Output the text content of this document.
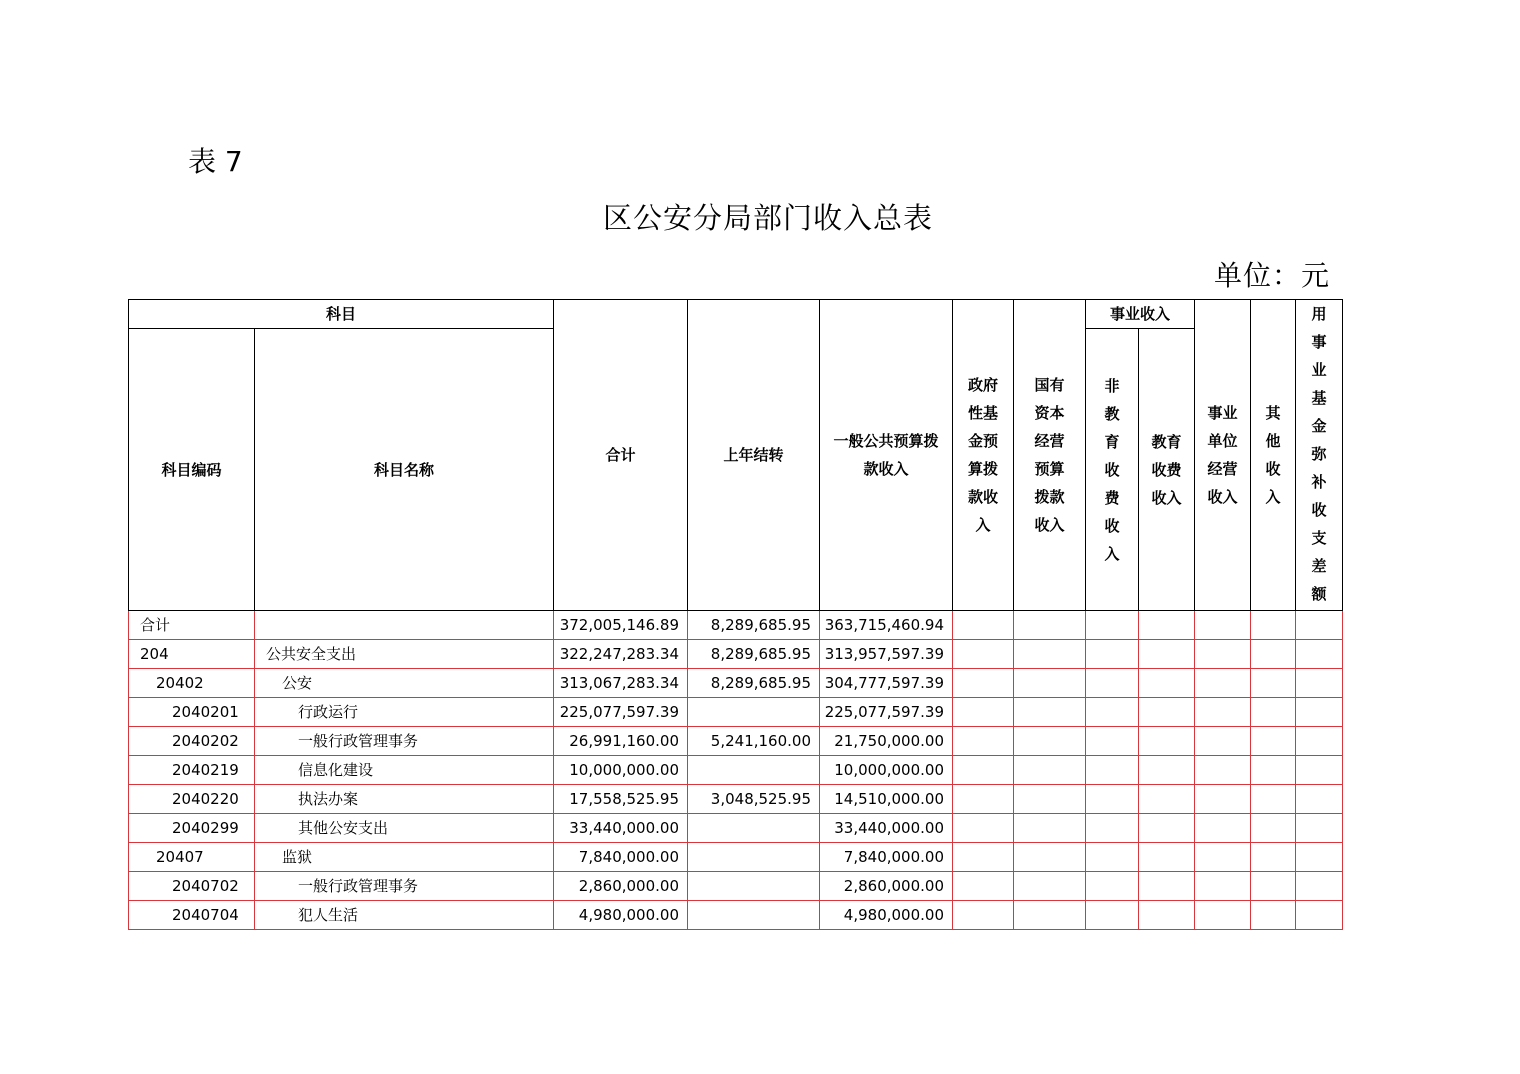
表 7
区公安分局部门收入总表
单位：元
科目		合计	上年结转	一般公共预算拨款收入	政府性基金预算拨款收入	国有资本经营预算拨款收入	事业收入		事业单位经营收入	其他收入	用事业基金弥补收支差额
科目编码	科目名称						非教育收费收入	教育收费收入			
合计		372,005,146.89	8,289,685.95	363,715,460.94							
204	公共安全支出	322,247,283.34	8,289,685.95	313,957,597.39							
20402	公安	313,067,283.34	8,289,685.95	304,777,597.39							
2040201	行政运行	225,077,597.39		225,077,597.39							
2040202	一般行政管理事务	26,991,160.00	5,241,160.00	21,750,000.00							
2040219	信息化建设	10,000,000.00		10,000,000.00							
2040220	执法办案	17,558,525.95	3,048,525.95	14,510,000.00							
2040299	其他公安支出	33,440,000.00		33,440,000.00							
20407	监狱	7,840,000.00		7,840,000.00							
2040702	一般行政管理事务	2,860,000.00		2,860,000.00							
2040704	犯人生活	4,980,000.00		4,980,000.00							
